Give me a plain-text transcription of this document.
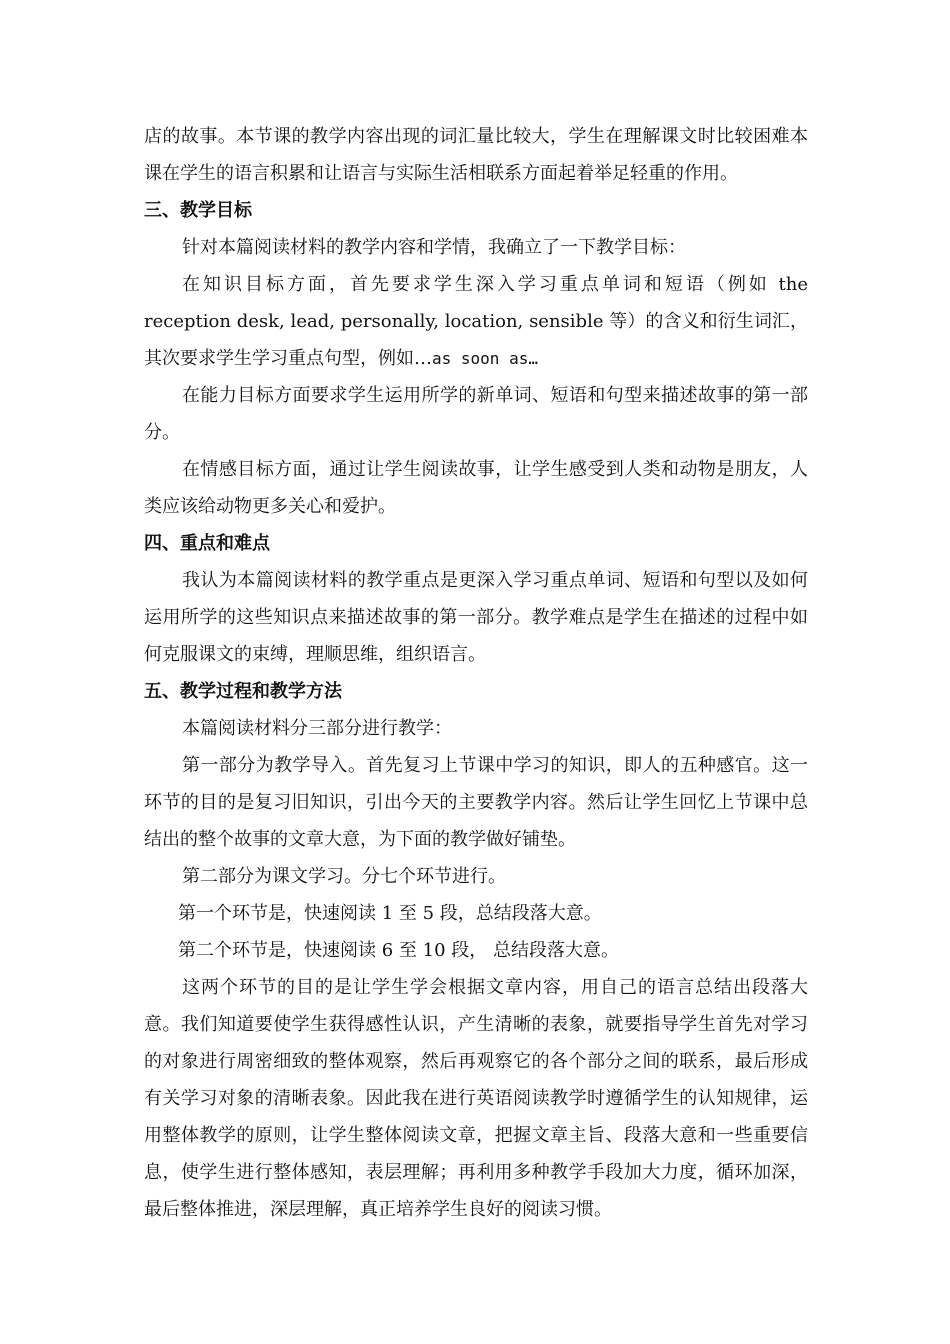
店的故事。本节课的教学内容出现的词汇量比较大，学生在理解课文时比较困难本课在学生的语言积累和让语言与实际生活相联系方面起着举足轻重的作用。

三、教学目标

针对本篇阅读材料的教学内容和学情，我确立了一下教学目标：

在知识目标方面，首先要求学生深入学习重点单词和短语（例如 the reception desk, lead, personally, location, sensible 等）的含义和衍生词汇，其次要求学生学习重点句型，例如…as soon as…

在能力目标方面要求学生运用所学的新单词、短语和句型来描述故事的第一部分。

在情感目标方面，通过让学生阅读故事，让学生感受到人类和动物是朋友，人类应该给动物更多关心和爱护。

四、重点和难点

我认为本篇阅读材料的教学重点是更深入学习重点单词、短语和句型以及如何运用所学的这些知识点来描述故事的第一部分。教学难点是学生在描述的过程中如何克服课文的束缚，理顺思维，组织语言。

五、教学过程和教学方法

本篇阅读材料分三部分进行教学：

第一部分为教学导入。首先复习上节课中学习的知识，即人的五种感官。这一环节的目的是复习旧知识，引出今天的主要教学内容。然后让学生回忆上节课中总结出的整个故事的文章大意，为下面的教学做好铺垫。

第二部分为课文学习。分七个环节进行。

第一个环节是，快速阅读 1 至 5 段，总结段落大意。

第二个环节是，快速阅读 6 至 10 段， 总结段落大意。

这两个环节的目的是让学生学会根据文章内容，用自己的语言总结出段落大意。我们知道要使学生获得感性认识，产生清晰的表象，就要指导学生首先对学习的对象进行周密细致的整体观察，然后再观察它的各个部分之间的联系，最后形成有关学习对象的清晰表象。因此我在进行英语阅读教学时遵循学生的认知规律，运用整体教学的原则，让学生整体阅读文章，把握文章主旨、段落大意和一些重要信息，使学生进行整体感知，表层理解；再利用多种教学手段加大力度，循环加深，最后整体推进，深层理解，真正培养学生良好的阅读习惯。
